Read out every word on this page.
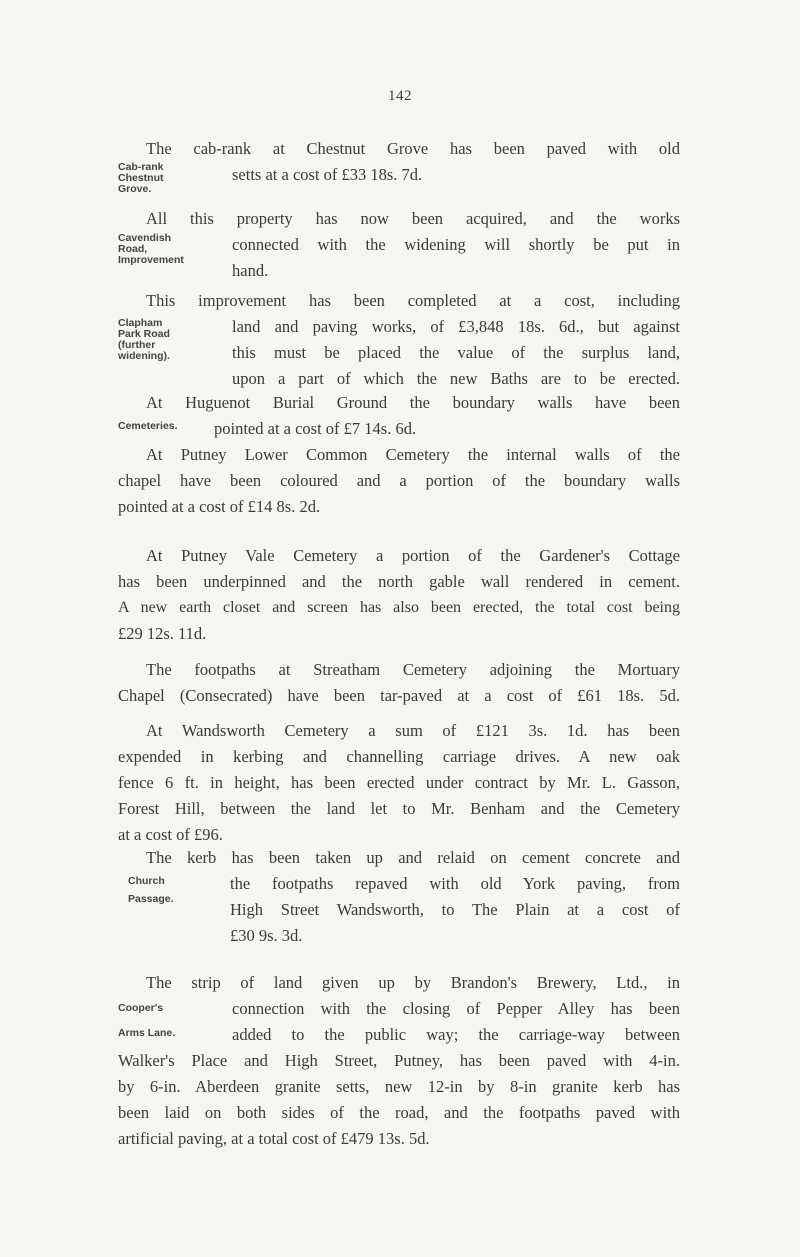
142
The cab-rank at Chestnut Grove has been paved with old
setts at a cost of £33 18s. 7d.
Cab-rank
Chestnut
Grove.
All this property has now been acquired, and the works
connected with the widening will shortly be put in
hand.
Cavendish
Road,
Improvement
This improvement has been completed at a cost, including
land and paving works, of £3,848 18s. 6d., but against
this must be placed the value of the surplus land,
upon a part of which the new Baths are to be erected.
Clapham
Park Road
(further
widening).
At Huguenot Burial Ground the boundary walls have been
pointed at a cost of £7 14s. 6d.
At Putney Lower Common Cemetery the internal walls of the
chapel have been coloured and a portion of the boundary walls
pointed at a cost of £14 8s. 2d.
Cemeteries.
At Putney Vale Cemetery a portion of the Gardener's Cottage
has been underpinned and the north gable wall rendered in cement.
A new earth closet and screen has also been erected, the total cost being
£29 12s. 11d.
The footpaths at Streatham Cemetery adjoining the Mortuary
Chapel (Consecrated) have been tar-paved at a cost of £61 18s. 5d.
At Wandsworth Cemetery a sum of £121 3s. 1d. has been
expended in kerbing and channelling carriage drives. A new oak
fence 6 ft. in height, has been erected under contract by Mr. L. Gasson,
Forest Hill, between the land let to Mr. Benham and the Cemetery
at a cost of £96.
The kerb has been taken up and relaid on cement concrete and
the footpaths repaved with old York paving, from
High Street Wandsworth, to The Plain at a cost of
£30 9s. 3d.
Church
Passage.
The strip of land given up by Brandon's Brewery, Ltd., in
connection with the closing of Pepper Alley has been
added to the public way; the carriage-way between
Walker's Place and High Street, Putney, has been paved with 4-in.
by 6-in. Aberdeen granite setts, new 12-in by 8-in granite kerb has
been laid on both sides of the road, and the footpaths paved with
artificial paving, at a total cost of £479 13s. 5d.
Cooper's
Arms Lane.
